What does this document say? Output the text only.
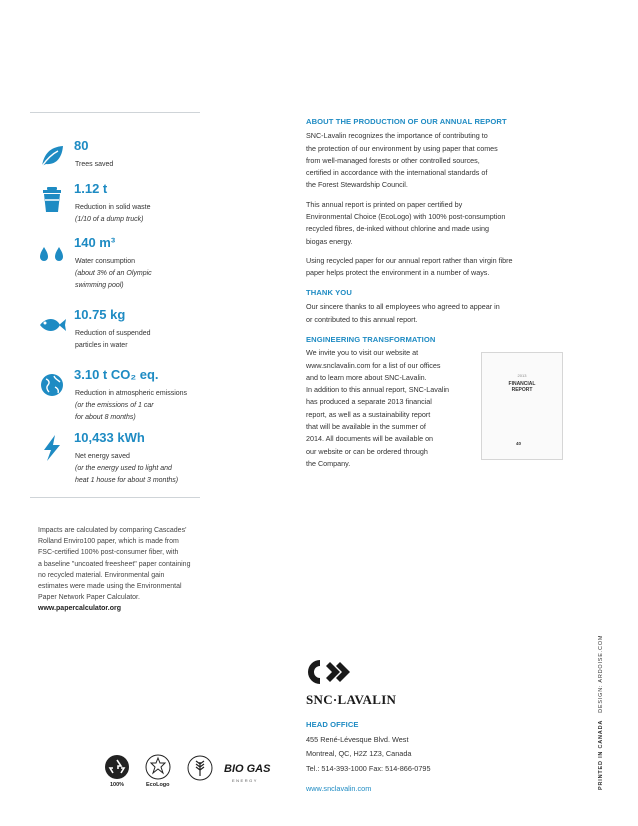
80
Trees saved
1.12 t
Reduction in solid waste
(1/10 of a dump truck)
140 m³
Water consumption
(about 3% of an Olympic
swimming pool)
10.75 kg
Reduction of suspended
particles in water
3.10 t CO₂ eq.
Reduction in atmospheric emissions
(or the emissions of 1 car
for about 8 months)
10,433 kWh
Net energy saved
(or the energy used to light and
heat 1 house for about 3 months)
Impacts are calculated by comparing Cascades'
Rolland Enviro100 paper, which is made from
FSC-certified 100% post-consumer fiber, with
a baseline "uncoated freesheet" paper containing
no recycled material. Environmental gain
estimates were made using the Environmental
Paper Network Paper Calculator.
www.papercalculator.org
ABOUT THE PRODUCTION OF OUR ANNUAL REPORT
SNC-Lavalin recognizes the importance of contributing to
the protection of our environment by using paper that comes
from well-managed forests or other controlled sources,
certified in accordance with the international standards of
the Forest Stewardship Council.
This annual report is printed on paper certified by
Environmental Choice (EcoLogo) with 100% post-consumption
recycled fibres, de-inked without chlorine and made using
biogas energy.
Using recycled paper for our annual report rather than virgin fibre
paper helps protect the environment in a number of ways.
THANK YOU
Our sincere thanks to all employees who agreed to appear in
or contributed to this annual report.
ENGINEERING TRANSFORMATION
We invite you to visit our website at
www.snclavalin.com for a list of our offices
and to learn more about SNC-Lavalin.
In addition to this annual report, SNC-Lavalin
has produced a separate 2013 financial
report, as well as a sustainability report
that will be available in the summer of
2014. All documents will be available on
our website or can be ordered through
the Company.
2013
FINANCIAL
REPORT
40
SNC·LAVALIN
HEAD OFFICE
455 René-Lévesque Blvd. West
Montreal, QC, H2Z 1Z3, Canada
Tel.: 514-393-1000 Fax: 514-866-0795
www.snclavalin.com	PRINTED IN CANADA   DESIGN: ARDOISE.COM
100%	EcoLogo
BIO GAS
ENERGY
